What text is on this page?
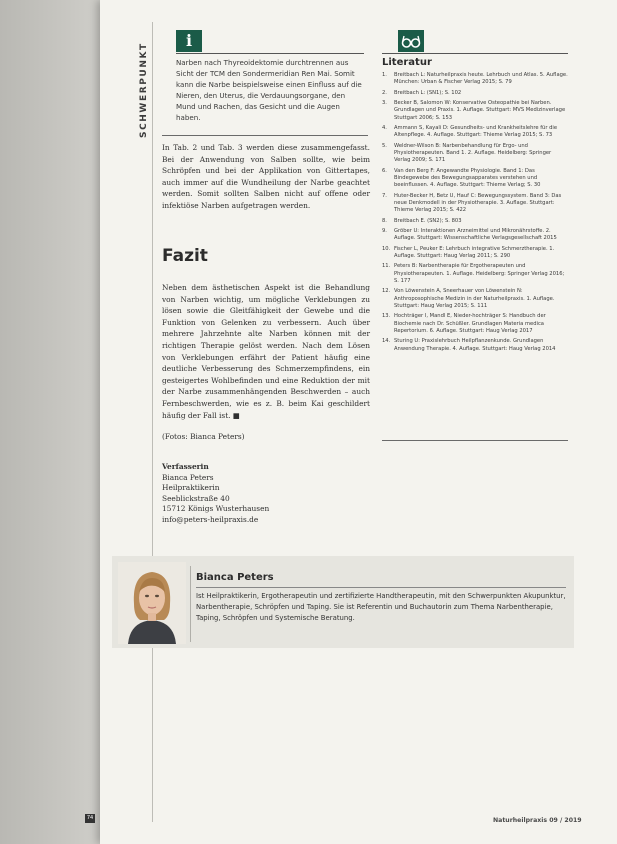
SCHWERPUNKT
i
Narben nach Thyreoidektomie durchtrennen aus Sicht der TCM den Sondermeridian Ren Mai. Somit kann die Narbe beispielsweise einen Einfluss auf die Nieren, den Uterus, die Verdauungsorgane, den Mund und Rachen, das Gesicht und die Augen haben.
In Tab. 2 und Tab. 3 werden diese zusammengefasst. Bei der Anwendung von Salben sollte, wie beim Schröpfen und bei der Applikation von Gittertapes, auch immer auf die Wundheilung der Narbe geachtet werden. Somit sollten Salben nicht auf offene oder infektiöse Narben aufgetragen werden.
Fazit
Neben dem ästhetischen Aspekt ist die Behandlung von Narben wichtig, um mögliche Verklebungen zu lösen sowie die Gleitfähigkeit der Gewebe und die Funktion von Gelenken zu verbessern. Auch über mehrere Jahrzehnte alte Narben können mit der richtigen Therapie gelöst werden. Nach dem Lösen von Verklebungen erfährt der Patient häufig eine deutliche Verbesserung des Schmerzempfindens, ein gesteigertes Wohlbefinden und eine Reduktion der mit der Narbe zusammenhängenden Beschwerden – auch Fernbeschwerden, wie es z. B. beim Kai geschildert häufig der Fall ist. ■
(Fotos: Bianca Peters)
Verfasserin
Bianca Peters
Heilpraktikerin
Seeblickstraße 40
15712 Königs Wusterhausen
info@peters-heilpraxis.de
Literatur
1.	Breitbach L: Naturheilpraxis heute. Lehrbuch und Atlas. 5. Auflage. München: Urban & Fischer Verlag 2015; S. 79
2.	Breitbach L: (SN1); S. 102
3.	Becker B, Salomon W: Konservative Osteopathie bei Narben. Grundlagen und Praxis. 1. Auflage. Stuttgart: MVS Medizinverlage Stuttgart 2006; S. 153
4.	Ammann S, Kayali D: Gesundheits- und Krankheitslehre für die Altenpflege. 4. Auflage. Stuttgart: Thieme Verlag 2015; S. 73
5.	Weldner-Wilson B: Narbenbehandlung für Ergo- und Physiotherapeuten. Band 1. 2. Auflage. Heidelberg: Springer Verlag 2009; S. 171
6.	Van den Berg F: Angewandte Physiologie. Band 1: Das Bindegewebe des Bewegungsapparates verstehen und beeinflussen. 4. Auflage. Stuttgart: Thieme Verlag; S. 30
7.	Huter-Becker H, Betz U, Hauf C: Bewegungssystem. Band 3: Das neue Denkmodell in der Physiotherapie. 3. Auflage. Stuttgart: Thieme Verlag 2015; S. 422
8.	Breitbach E. (SN2); S. 803
9.	Gröber U: Interaktionen Arzneimittel und Mikronährstoffe. 2. Auflage. Stuttgart: Wissenschaftliche Verlagsgesellschaft 2015
10. Fischer L, Peuker E: Lehrbuch integrative Schmerztherapie. 1. Auflage. Stuttgart: Haug Verlag 2011; S. 290
11. Peters B: Narbentherapie für Ergotherapeuten und Physiotherapeuten. 1. Auflage. Heidelberg: Springer Verlag 2016; S. 177
12. Von Löwenstein A, Sneerhauer von Löwenstein N: Anthroposophische Medizin in der Naturheilpraxis. 1. Auflage. Stuttgart: Haug Verlag 2015; S. 111
13. Hochträger I, Mandl E, Nieder-hochträger S: Handbuch der Biochemie nach Dr. Schüßler. Grundlagen Materia medica Repertorium. 6. Auflage. Stuttgart: Haug Verlag 2017
14. Sturing U: Praxislehrbuch Heilpflanzenkunde. Grundlagen Anwendung Therapie. 4. Auflage. Stuttgart: Haug Verlag 2014
Bianca Peters
Ist Heilpraktikerin, Ergotherapeutin und zertifizierte Handtherapeutin, mit den Schwerpunkten Akupunktur, Narbentherapie, Schröpfen und Taping. Sie ist Referentin und Buchautorin zum Thema Narbentherapie, Taping, Schröpfen und Systemische Beratung.
74	Naturheilpraxis 09 / 2019
